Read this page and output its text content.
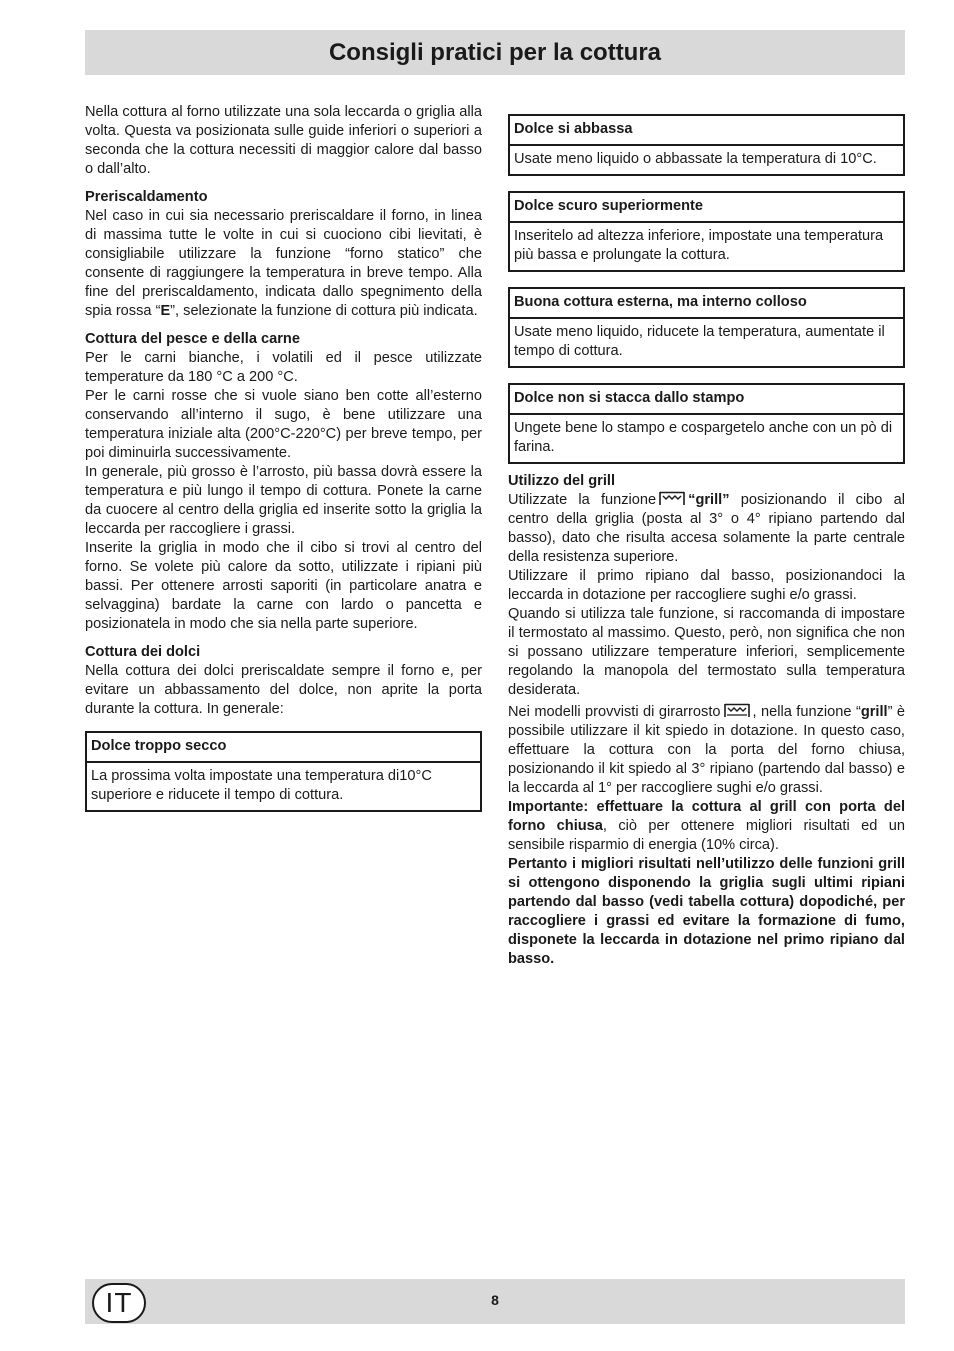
Consigli pratici per la cottura

Nella cottura al forno utilizzate una sola leccarda o griglia alla volta. Questa va posizionata sulle guide inferiori o superiori a seconda che la cottura necessiti di maggior calore dal basso o dall’alto.

Preriscaldamento

Nel caso in cui sia necessario preriscaldare il forno, in linea di massima tutte le volte in cui si cuociono cibi lievitati, è consigliabile utilizzare la funzione “forno statico” che consente di raggiungere la temperatura in breve tempo. Alla fine del preriscaldamento, indicata dallo spegnimento della spia rossa “E”, selezionate la funzione di cottura più indicata.

Cottura del pesce e della carne

Per le carni bianche, i volatili ed il pesce utilizzate temperature da 180 °C a 200 °C.

Per le carni rosse che si vuole siano ben cotte all’esterno conservando all’interno il sugo, è bene utilizzare una temperatura iniziale alta (200°C-220°C) per breve tempo, per poi diminuirla successivamente.

In generale, più grosso è l’arrosto, più bassa dovrà essere la temperatura e più lungo il tempo di cottura. Ponete la carne da cuocere al centro della griglia ed inserite sotto la griglia la leccarda per raccogliere i grassi.

Inserite la griglia in modo che il cibo si trovi al centro del forno. Se volete più calore da sotto, utilizzate i ripiani più bassi. Per ottenere arrosti saporiti (in particolare anatra e selvaggina) bardate la carne con lardo o pancetta e posizionatela in modo che sia nella parte superiore.

Cottura dei dolci

Nella cottura dei dolci preriscaldate sempre il forno e, per evitare un abbassamento del dolce, non aprite la porta durante la cottura. In generale:

Dolce troppo secco
La prossima volta impostate una temperatura di10°C superiore e riducete il tempo di cottura.
Dolce si abbassa
Usate meno liquido o abbassate la temperatura di 10°C.
Dolce scuro superiormente
Inseritelo ad altezza inferiore, impostate una temperatura più bassa e prolungate la cottura.
Buona cottura esterna, ma interno colloso
Usate meno liquido, riducete la temperatura, aumentate il tempo di cottura.
Dolce non si stacca dallo stampo
Ungete bene lo stampo e cospargetelo anche con un pò di farina.
Utilizzo del grill

Utilizzate la funzione “grill” posizionando il cibo al centro della griglia (posta al 3° o 4° ripiano partendo dal basso), dato che risulta accesa solamente la parte centrale della resistenza superiore.

Utilizzare il primo ripiano dal basso, posizionandoci la leccarda in dotazione per raccogliere sughi e/o grassi.

Quando si utilizza tale funzione, si raccomanda di impostare il termostato al massimo. Questo, però, non significa che non si possano utilizzare temperature inferiori, semplicemente regolando la manopola del termostato sulla temperatura desiderata.

Nei modelli provvisti di girarrosto , nella funzione “grill” è possibile utilizzare il kit spiedo in dotazione. In questo caso, effettuare la cottura con la porta del forno chiusa, posizionando il kit spiedo al 3° ripiano (partendo dal basso) e la leccarda al 1° per raccogliere sughi e/o grassi.

Importante: effettuare la cottura al grill con porta del forno chiusa, ciò per ottenere migliori risultati ed un sensibile risparmio di energia (10% circa).

Pertanto i migliori risultati nell’utilizzo delle funzioni grill si ottengono disponendo la griglia sugli ultimi ripiani partendo dal basso (vedi tabella cottura) dopodiché, per raccogliere i grassi ed evitare la formazione di fumo, disponete la leccarda in dotazione nel primo ripiano dal basso.

IT	8
